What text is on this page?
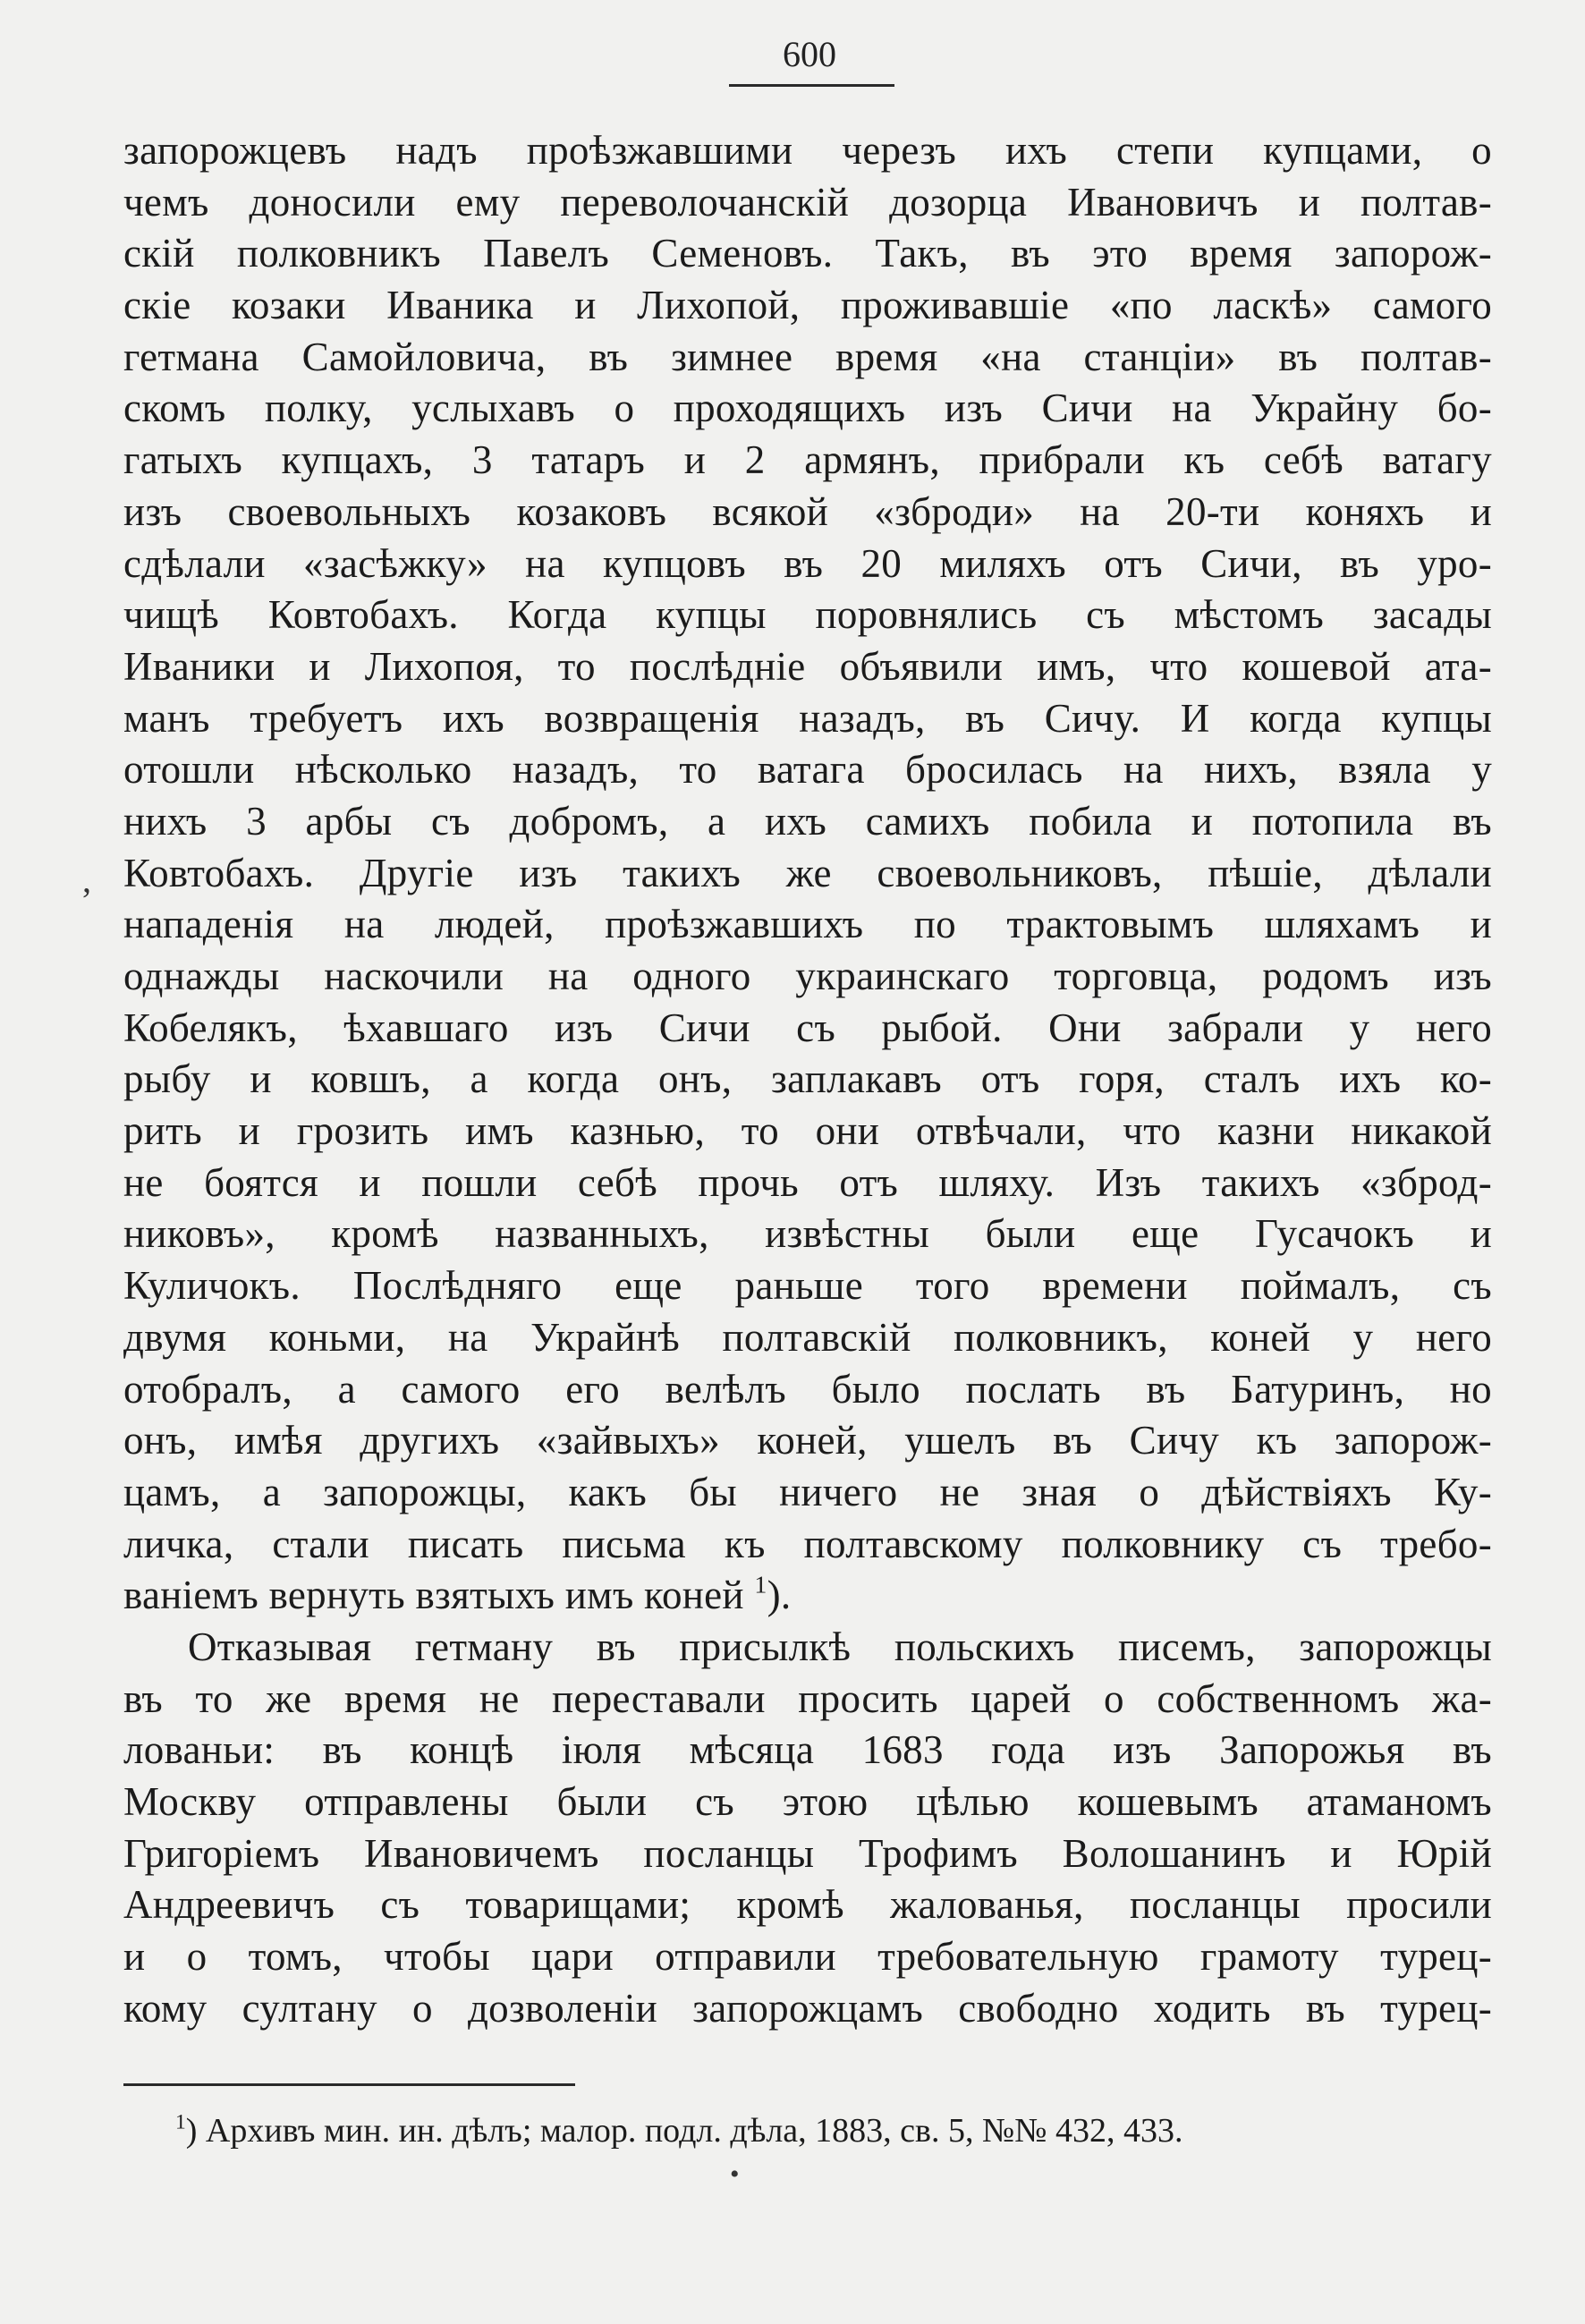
600
,
запорожцевъ надъ проѣзжавшими черезъ ихъ степи купцами, о
чемъ доносили ему переволочанскій дозорца Ивановичъ и полтав-
скій полковникъ Павелъ Семеновъ. Такъ, въ это время запорож-
скіе козаки Иваника и Лихопой, проживавшіе «по ласкѣ» самого
гетмана Самойловича, въ зимнее время «на станціи» въ полтав-
скомъ полку, услыхавъ о проходящихъ изъ Сичи на Украйну бо-
гатыхъ купцахъ, 3 татаръ и 2 армянъ, прибрали къ себѣ ватагу
изъ своевольныхъ козаковъ всякой «зброди» на 20-ти коняхъ и
сдѣлали «засѣжку» на купцовъ въ 20 миляхъ отъ Сичи, въ уро-
чищѣ Ковтобахъ. Когда купцы поровнялись съ мѣстомъ засады
Иваники и Лихопоя, то послѣдніе объявили имъ, что кошевой ата-
манъ требуетъ ихъ возвращенія назадъ, въ Сичу. И когда купцы
отошли нѣсколько назадъ, то ватага бросилась на нихъ, взяла у
нихъ 3 арбы съ добромъ, а ихъ самихъ побила и потопила въ
Ковтобахъ. Другіе изъ такихъ же своевольниковъ, пѣшіе, дѣлали
нападенія на людей, проѣзжавшихъ по трактовымъ шляхамъ и
однажды наскочили на одного украинскаго торговца, родомъ изъ
Кобелякъ, ѣхавшаго изъ Сичи съ рыбой. Они забрали у него
рыбу и ковшъ, а когда онъ, заплакавъ отъ горя, сталъ ихъ ко-
рить и грозить имъ казнью, то они отвѣчали, что казни никакой
не боятся и пошли себѣ прочь отъ шляху. Изъ такихъ «зброд-
никовъ», кромѣ названныхъ, извѣстны были еще Гусачокъ и
Куличокъ. Послѣдняго еще раньше того времени поймалъ, съ
двумя коньми, на Украйнѣ полтавскій полковникъ, коней у него
отобралъ, а самого его велѣлъ было послать въ Батуринъ, но
онъ, имѣя другихъ «зайвыхъ» коней, ушелъ въ Сичу къ запорож-
цамъ, а запорожцы, какъ бы ничего не зная о дѣйствіяхъ Ку-
личка, стали писать письма къ полтавскому полковнику съ требо-
ваніемъ вернуть взятыхъ имъ коней $^1$).
Отказывая гетману въ присылкѣ польскихъ писемъ, запорожцы
въ то же время не переставали просить царей о собственномъ жа-
лованьи: въ концѣ іюля мѣсяца 1683 года изъ Запорожья въ
Москву отправлены были съ этою цѣлью кошевымъ атаманомъ
Григоріемъ Ивановичемъ посланцы Трофимъ Волошанинъ и Юрій
Андреевичъ съ товарищами; кромѣ жалованья, посланцы просили
и о томъ, чтобы цари отправили требовательную грамоту турец-
кому султану о дозволеніи запорожцамъ свободно ходить въ турец-
$^1$) Архивъ мин. ин. дѣлъ; малор. подл. дѣла, 1883, св. 5, №№ 432, 433.
•
